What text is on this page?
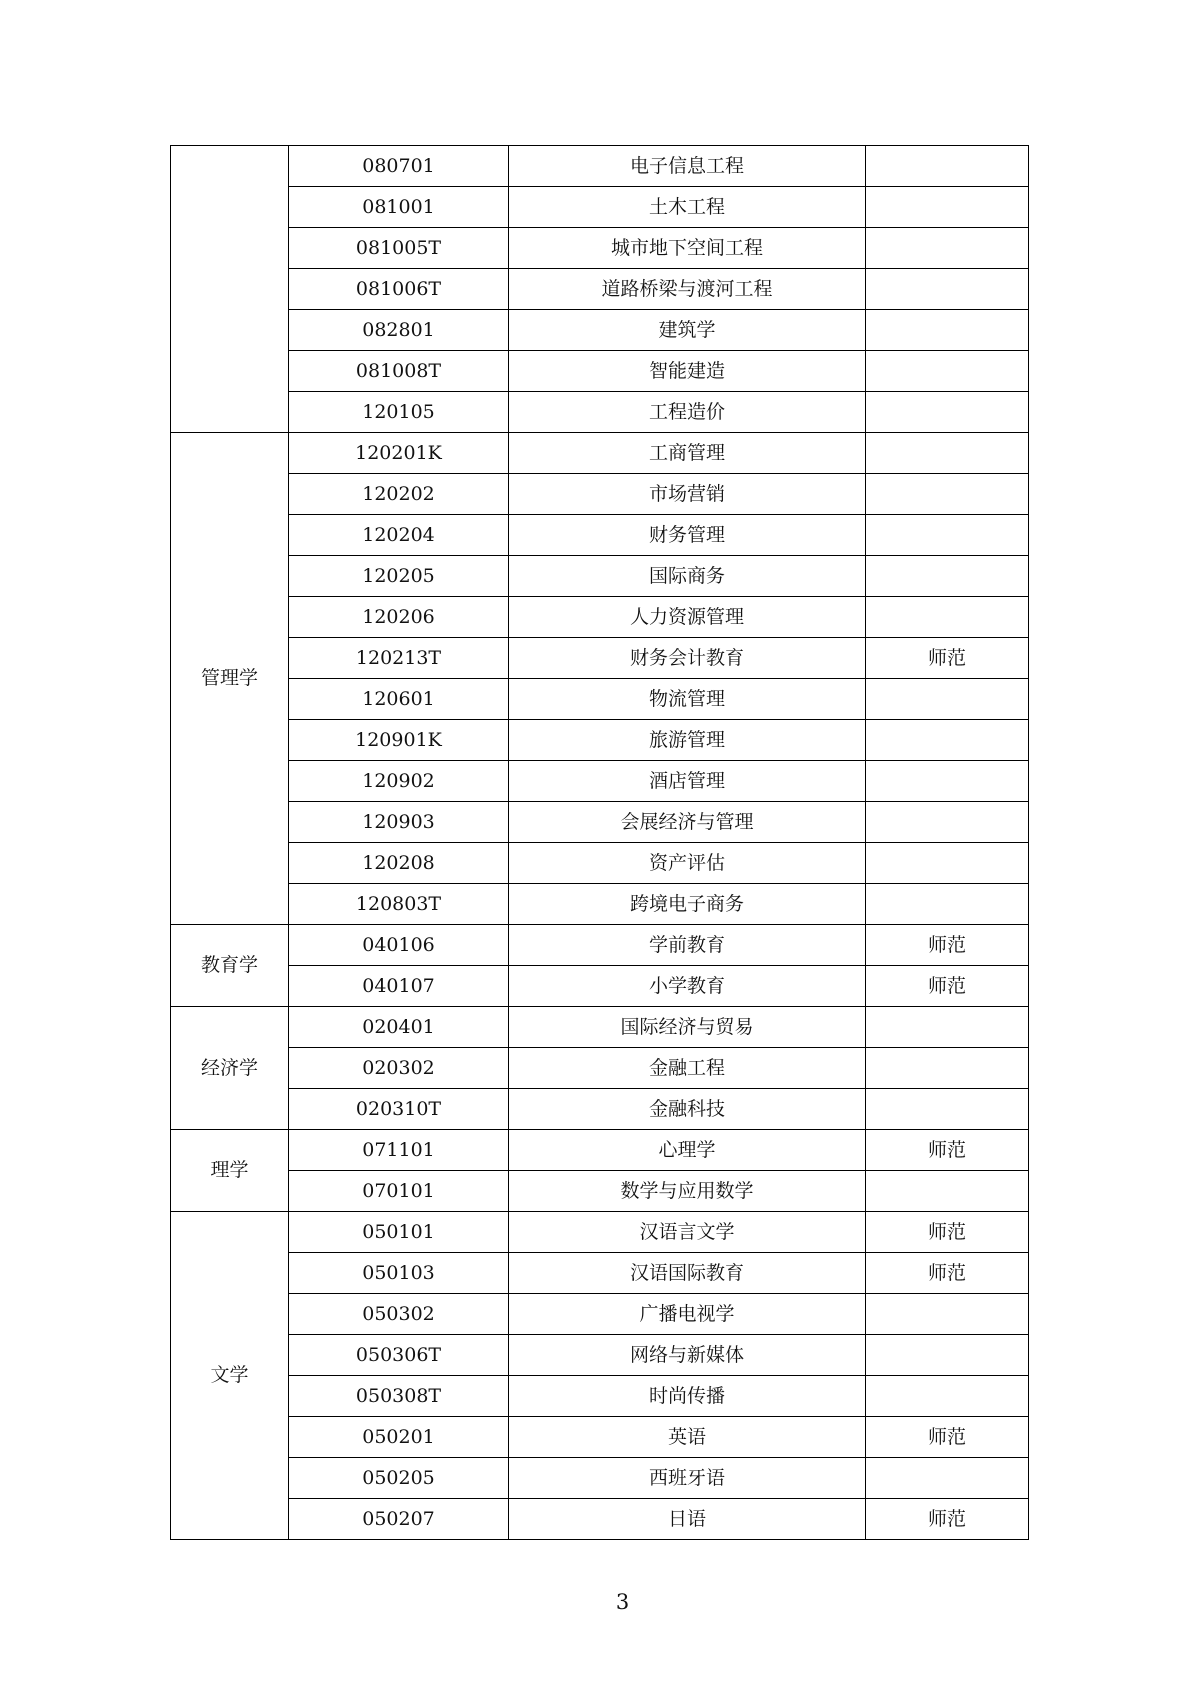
	080701	电子信息工程	
	081001	土木工程	
	081005T	城市地下空间工程	
	081006T	道路桥梁与渡河工程	
	082801	建筑学	
	081008T	智能建造	
	120105	工程造价	
管理学	120201K	工商管理	
	120202	市场营销	
	120204	财务管理	
	120205	国际商务	
	120206	人力资源管理	
	120213T	财务会计教育	师范
	120601	物流管理	
	120901K	旅游管理	
	120902	酒店管理	
	120903	会展经济与管理	
	120208	资产评估	
	120803T	跨境电子商务	
教育学	040106	学前教育	师范
	040107	小学教育	师范
经济学	020401	国际经济与贸易	
	020302	金融工程	
	020310T	金融科技	
理学	071101	心理学	师范
	070101	数学与应用数学	
文学	050101	汉语言文学	师范
	050103	汉语国际教育	师范
	050302	广播电视学	
	050306T	网络与新媒体	
	050308T	时尚传播	
	050201	英语	师范
	050205	西班牙语	
	050207	日语	师范
3
